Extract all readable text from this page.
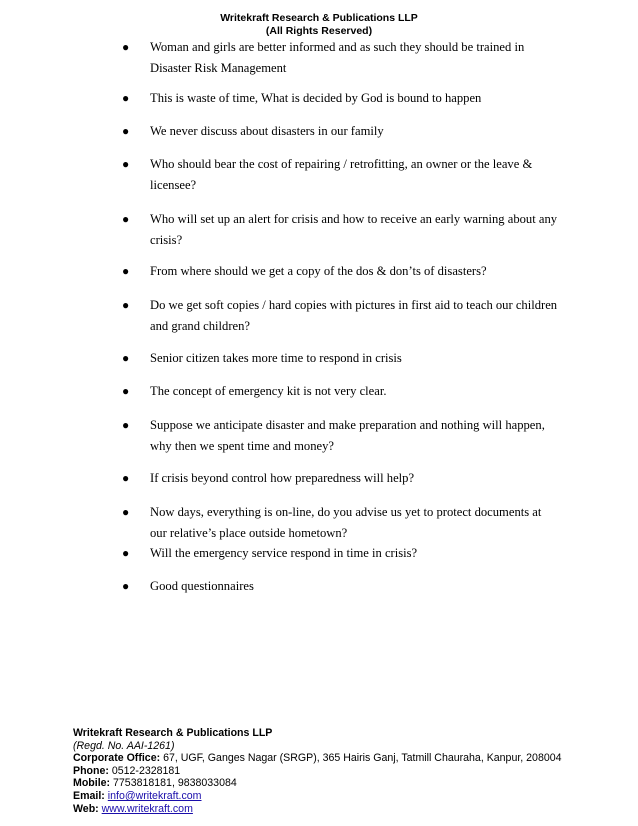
Writekraft Research & Publications LLP
(All Rights Reserved)
●	Woman and girls are better informed and as such they should be trained in Disaster Risk Management
●	This is waste of time, What is decided by God is bound to happen
●	We never discuss about disasters in our family
●	Who should bear the cost of repairing / retrofitting, an owner or the leave & licensee?
●	Who will set up an alert for crisis and how to receive an early warning about any crisis?
●	From where should we get a copy of the dos & don’ts of disasters?
●	Do we get soft copies / hard copies with pictures in first aid to teach our children and grand children?
●	Senior citizen takes more time to respond in crisis
●	The concept of emergency kit is not very clear.
●	Suppose we anticipate disaster and make preparation and nothing will happen, why then we spent time and money?
●	If crisis beyond control how preparedness will help?
●	Now days, everything is on-line, do you advise us yet to protect documents at our relative’s place outside hometown?
●	Will the emergency service respond in time in crisis?
●	Good questionnaires
Writekraft Research & Publications LLP
(Regd. No. AAI-1261)
Corporate Office: 67, UGF, Ganges Nagar (SRGP), 365 Hairis Ganj, Tatmill Chauraha, Kanpur, 208004
Phone: 0512-2328181
Mobile: 7753818181, 9838033084
Email: info@writekraft.com
Web: www.writekraft.com
